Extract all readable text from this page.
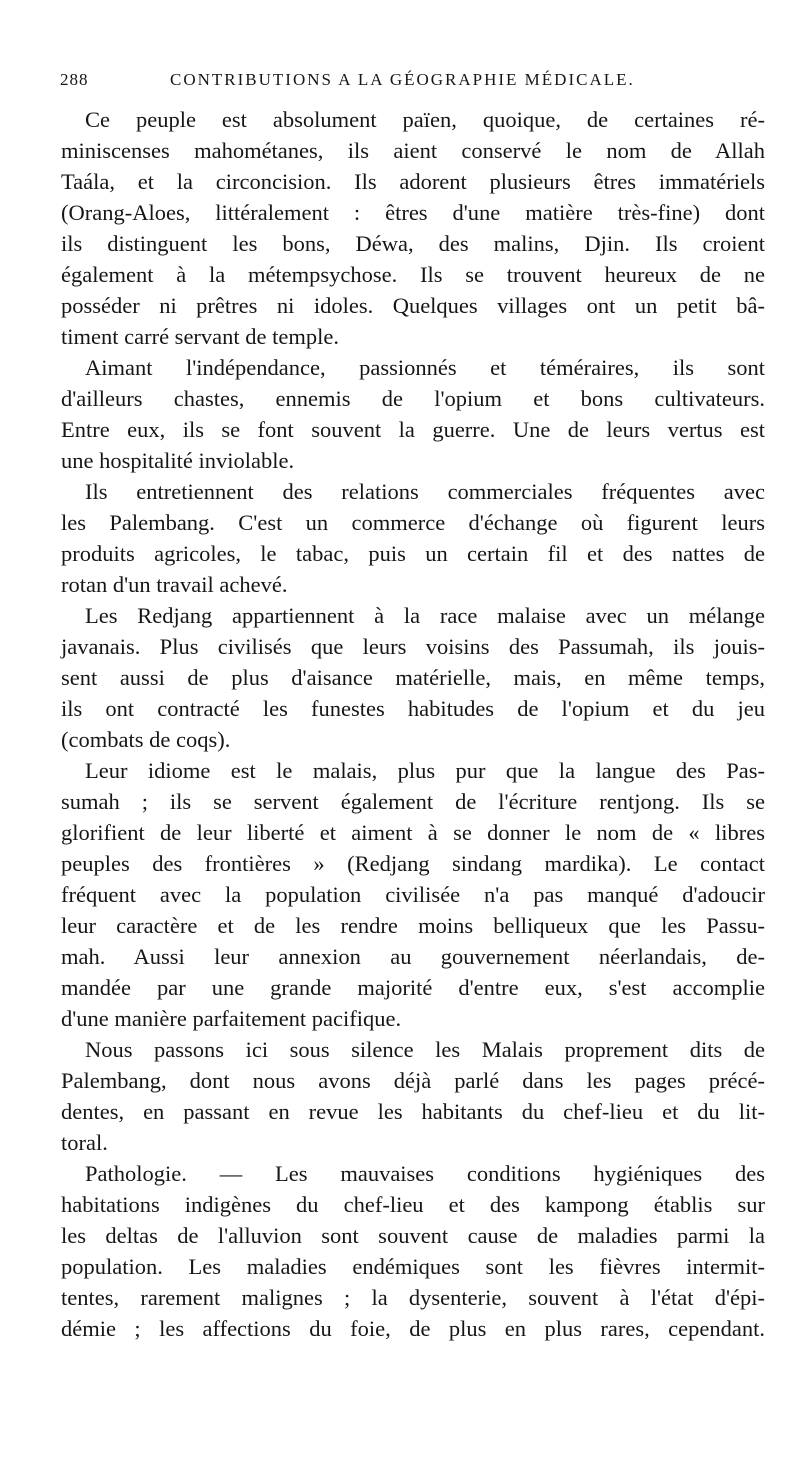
288	CONTRIBUTIONS A LA GÉOGRAPHIE MÉDICALE.
Ce peuple est absolument païen, quoique, de certaines ré-
miniscenses mahométanes, ils aient conservé le nom de Allah
Taála, et la circoncision. Ils adorent plusieurs êtres immatériels
(Orang-Aloes, littéralement : êtres d'une matière très-fine) dont
ils distinguent les bons, Déwa, des malins, Djin. Ils croient
également à la métempsychose. Ils se trouvent heureux de ne
posséder ni prêtres ni idoles. Quelques villages ont un petit bâ-
timent carré servant de temple.
Aimant l'indépendance, passionnés et téméraires, ils sont
d'ailleurs chastes, ennemis de l'opium et bons cultivateurs.
Entre eux, ils se font souvent la guerre. Une de leurs vertus est
une hospitalité inviolable.
Ils entretiennent des relations commerciales fréquentes avec
les Palembang. C'est un commerce d'échange où figurent leurs
produits agricoles, le tabac, puis un certain fil et des nattes de
rotan d'un travail achevé.
Les Redjang appartiennent à la race malaise avec un mélange
javanais. Plus civilisés que leurs voisins des Passumah, ils jouis-
sent aussi de plus d'aisance matérielle, mais, en même temps,
ils ont contracté les funestes habitudes de l'opium et du jeu
(combats de coqs).
Leur idiome est le malais, plus pur que la langue des Pas-
sumah ; ils se servent également de l'écriture rentjong. Ils se
glorifient de leur liberté et aiment à se donner le nom de « libres
peuples des frontières » (Redjang sindang mardika). Le contact
fréquent avec la population civilisée n'a pas manqué d'adoucir
leur caractère et de les rendre moins belliqueux que les Passu-
mah. Aussi leur annexion au gouvernement néerlandais, de-
mandée par une grande majorité d'entre eux, s'est accomplie
d'une manière parfaitement pacifique.
Nous passons ici sous silence les Malais proprement dits de
Palembang, dont nous avons déjà parlé dans les pages précé-
dentes, en passant en revue les habitants du chef-lieu et du lit-
toral.
Pathologie. — Les mauvaises conditions hygiéniques des
habitations indigènes du chef-lieu et des kampong établis sur
les deltas de l'alluvion sont souvent cause de maladies parmi la
population. Les maladies endémiques sont les fièvres intermit-
tentes, rarement malignes ; la dysenterie, souvent à l'état d'épi-
démie ; les affections du foie, de plus en plus rares, cependant.
